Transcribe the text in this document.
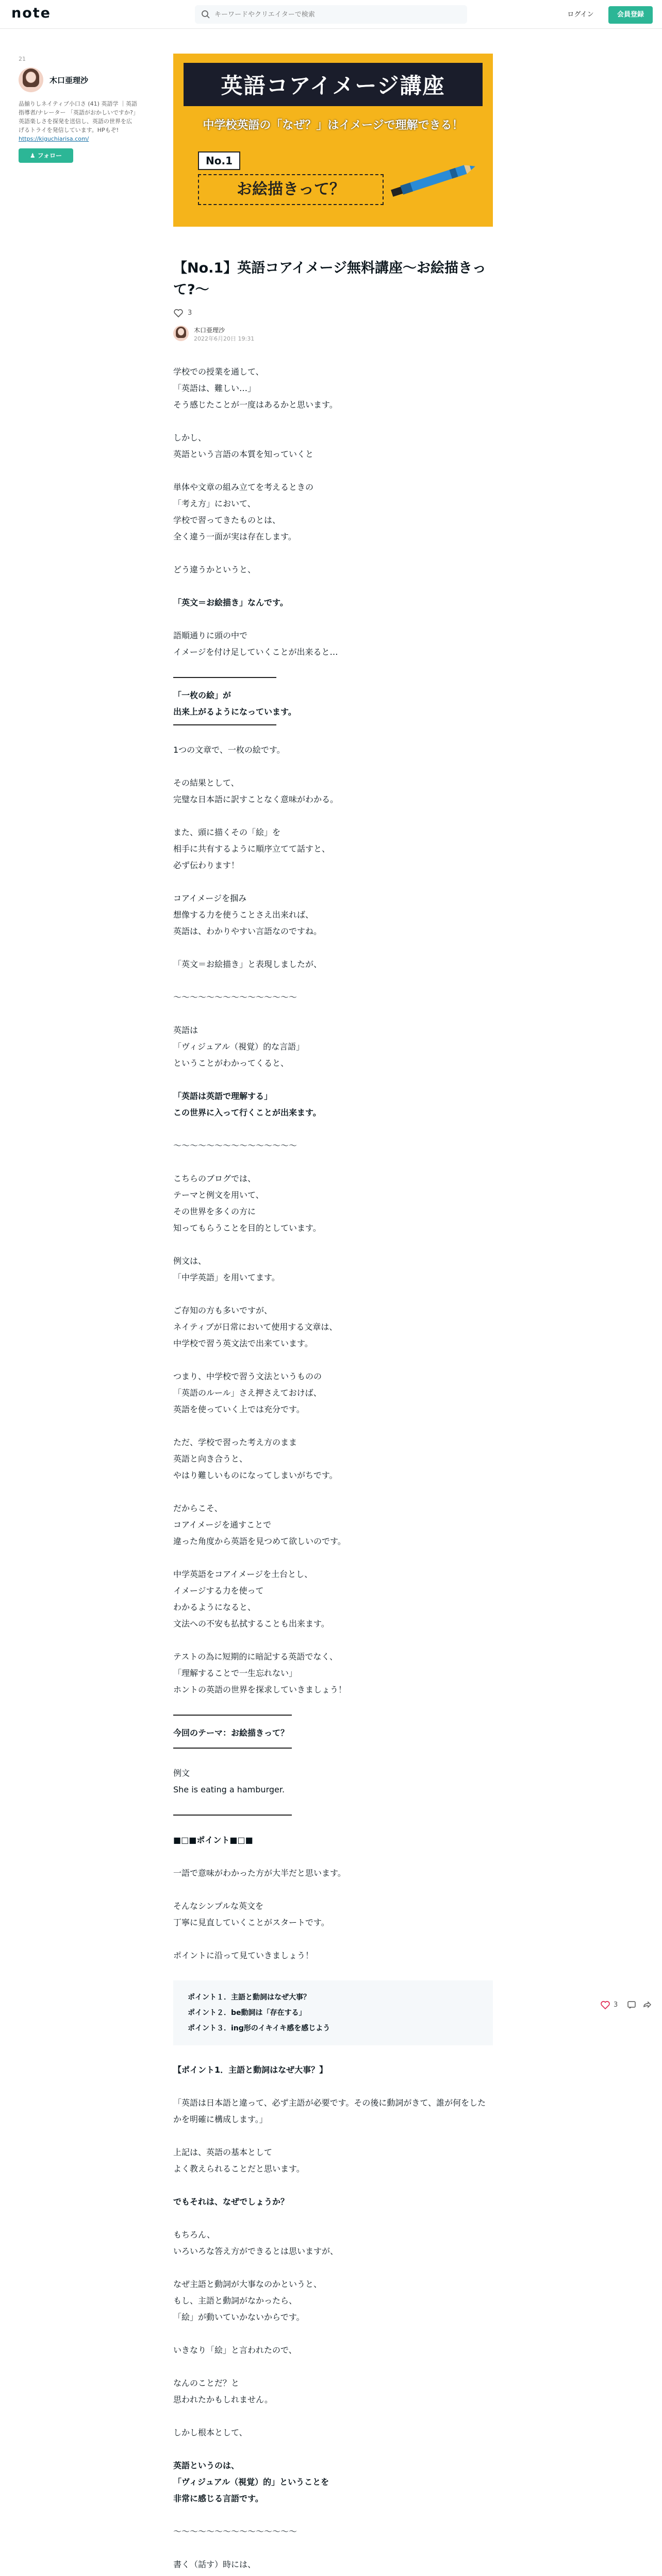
note
キーワードやクリエイターで検索	ログイン	会員登録
21
木口亜理沙
品揃りしネイティブ小口さ (41) 英語学 ｜英語指導者/ナレーター 「英語がおかしいですか?」英語楽しさを探発を送信し、英語の世界を広げるトライを発信しています。HPもぞ!
https://kiguchiarisa.com/
♟ フォロー
英語コアイメージ講座
中学校英語の「なぜ？」はイメージで理解できる！
No.1
お絵描きって？
【No.1】英語コアイメージ無料講座〜お絵描きって?〜
3
木口亜理沙
2022年6月20日 19:31

学校での授業を通して、
「英語は、難しい…」
そう感じたことが一度はあるかと思います。

しかし、
英語という言語の本質を知っていくと

単体や文章の組み立てを考えるときの
「考え方」において、
学校で習ってきたものとは、
全く違う一面が実は存在します。

どう違うかというと、

「英文＝お絵描き」なんです。

語順通りに頭の中で
イメージを付け足していくことが出来ると…

「一枚の絵」が
出来上がるようになっています。

1つの文章で、一枚の絵です。

その結果として、
完璧な日本語に訳すことなく意味がわかる。

また、頭に描くその「絵」を
相手に共有するように順序立てて話すと、
必ず伝わります！

コアイメージを掴み
想像する力を使うことさえ出来れば、
英語は、わかりやすい言語なのですね。

「英文＝お絵描き」と表現しましたが、

〜〜〜〜〜〜〜〜〜〜〜〜〜〜〜

英語は
「ヴィジュアル（視覚）的な言語」
ということがわかってくると、

「英語は英語で理解する」
この世界に入って行くことが出来ます。

〜〜〜〜〜〜〜〜〜〜〜〜〜〜〜

こちらのブログでは、
テーマと例文を用いて、
その世界を多くの方に
知ってもらうことを目的としています。

例文は、
「中学英語」を用いてます。

ご存知の方も多いですが、
ネイティブが日常において使用する文章は、
中学校で習う英文法で出来ています。

つまり、中学校で習う文法というものの
「英語のルール」さえ押さえておけば、
英語を使っていく上では充分です。

ただ、学校で習った考え方のまま
英語と向き合うと、
やはり難しいものになってしまいがちです。

だからこそ、
コアイメージを通すことで
違った角度から英語を見つめて欲しいのです。

中学英語をコアイメージを土台とし、
イメージする力を使って
わかるようになると、
文法への不安も払拭することも出来ます。

テストの為に短期的に暗記する英語でなく、
「理解することで一生忘れない」
ホントの英語の世界を探求していきましょう！

今回のテーマ：お絵描きって？

例文

She is eating a hamburger.

■□■ポイント■□■

一語で意味がわかった方が大半だと思います。

そんなシンプルな英文を
丁寧に見直していくことがスタートです。

ポイントに沿って見ていきましょう！

ポイント１．主語と動詞はなぜ大事？
ポイント２．be動詞は「存在する」
ポイント３．ing形のイキイキ感を感じよう

【ポイント1．主語と動詞はなぜ大事？】

「英語は日本語と違って、必ず主語が必要です。その後に動詞がきて、誰が何をしたかを明確に構成します。」

上記は、英語の基本として
よく教えられることだと思います。

でもそれは、なぜでしょうか？

もちろん、
いろいろな答え方ができるとは思いますが、

なぜ主語と動詞が大事なのかというと、
もし、主語と動詞がなかったら、
「絵」が動いていかないからです。

いきなり「絵」と言われたので、

なんのことだ？と
思われたかもしれません。

しかし根本として、

英語というのは、
「ヴィジュアル（視覚）的」ということを
非常に感じる言語です。

〜〜〜〜〜〜〜〜〜〜〜〜〜〜〜

書く（話す）時には、

3
